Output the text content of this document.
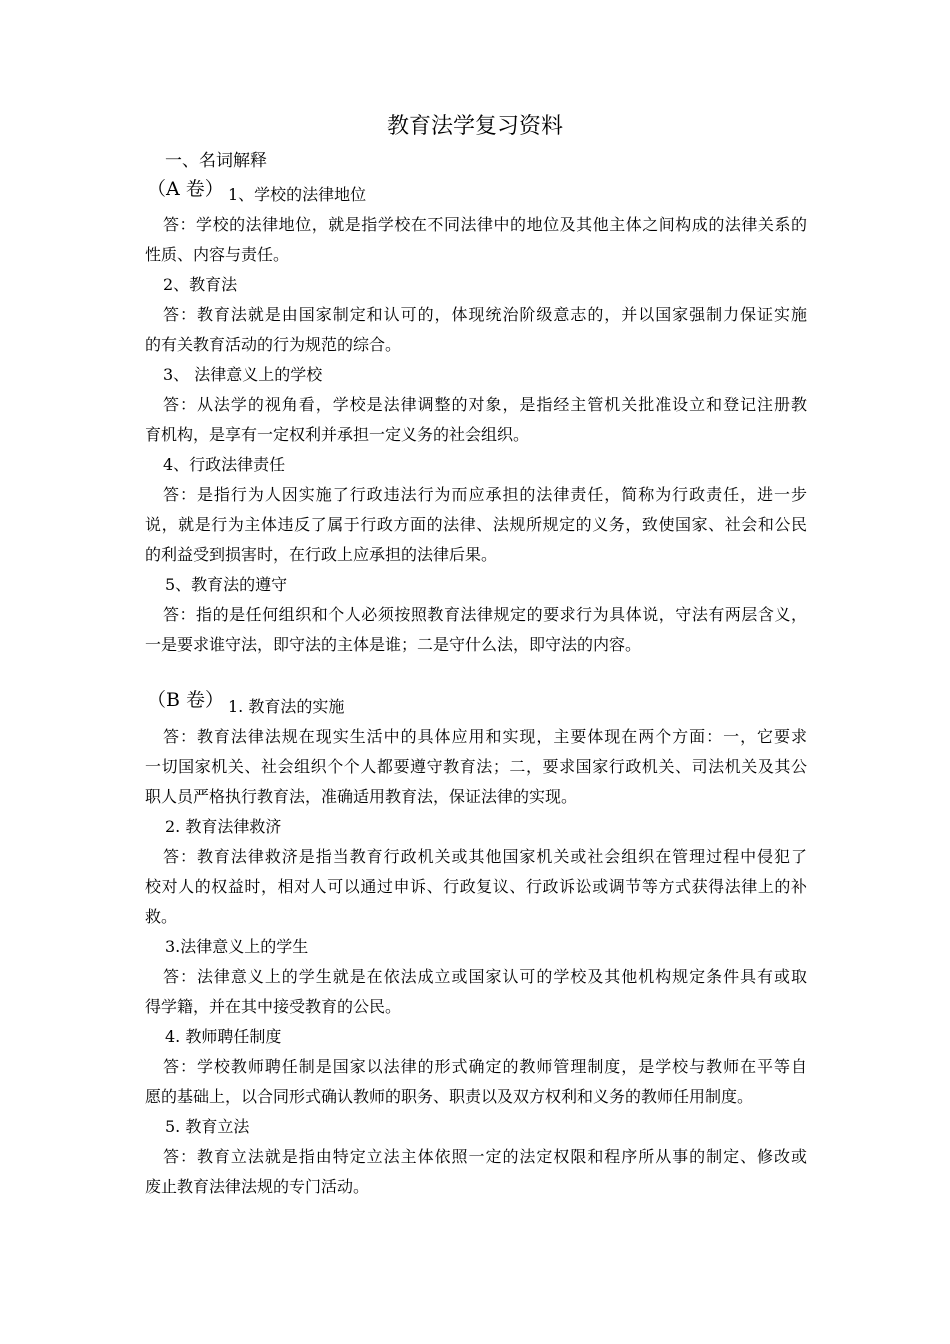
教育法学复习资料
一、名词解释
（A 卷） 1、学校的法律地位
答：学校的法律地位，就是指学校在不同法律中的地位及其他主体之间构成的法律关系的
性质、内容与责任。
2、教育法
答：教育法就是由国家制定和认可的，体现统治阶级意志的，并以国家强制力保证实施
的有关教育活动的行为规范的综合。
3、 法律意义上的学校
答：从法学的视角看，学校是法律调整的对象，是指经主管机关批准设立和登记注册教
育机构，是享有一定权利并承担一定义务的社会组织。
4、行政法律责任
答：是指行为人因实施了行政违法行为而应承担的法律责任，简称为行政责任，进一步
说，就是行为主体违反了属于行政方面的法律、法规所规定的义务，致使国家、社会和公民
的利益受到损害时，在行政上应承担的法律后果。
5、教育法的遵守
答：指的是任何组织和个人必须按照教育法律规定的要求行为具体说，守法有两层含义，
一是要求谁守法，即守法的主体是谁；二是守什么法，即守法的内容。
（B 卷） 1. 教育法的实施
答：教育法律法规在现实生活中的具体应用和实现，主要体现在两个方面：一，它要求
一切国家机关、社会组织个个人都要遵守教育法；二，要求国家行政机关、司法机关及其公
职人员严格执行教育法，准确适用教育法，保证法律的实现。
2. 教育法律救济
答：教育法律救济是指当教育行政机关或其他国家机关或社会组织在管理过程中侵犯了
校对人的权益时，相对人可以通过申诉、行政复议、行政诉讼或调节等方式获得法律上的补
救。
3.法律意义上的学生
答：法律意义上的学生就是在依法成立或国家认可的学校及其他机构规定条件具有或取
得学籍，并在其中接受教育的公民。
4. 教师聘任制度
答：学校教师聘任制是国家以法律的形式确定的教师管理制度，是学校与教师在平等自
愿的基础上，以合同形式确认教师的职务、职责以及双方权利和义务的教师任用制度。
5. 教育立法
答：教育立法就是指由特定立法主体依照一定的法定权限和程序所从事的制定、修改或
废止教育法律法规的专门活动。
